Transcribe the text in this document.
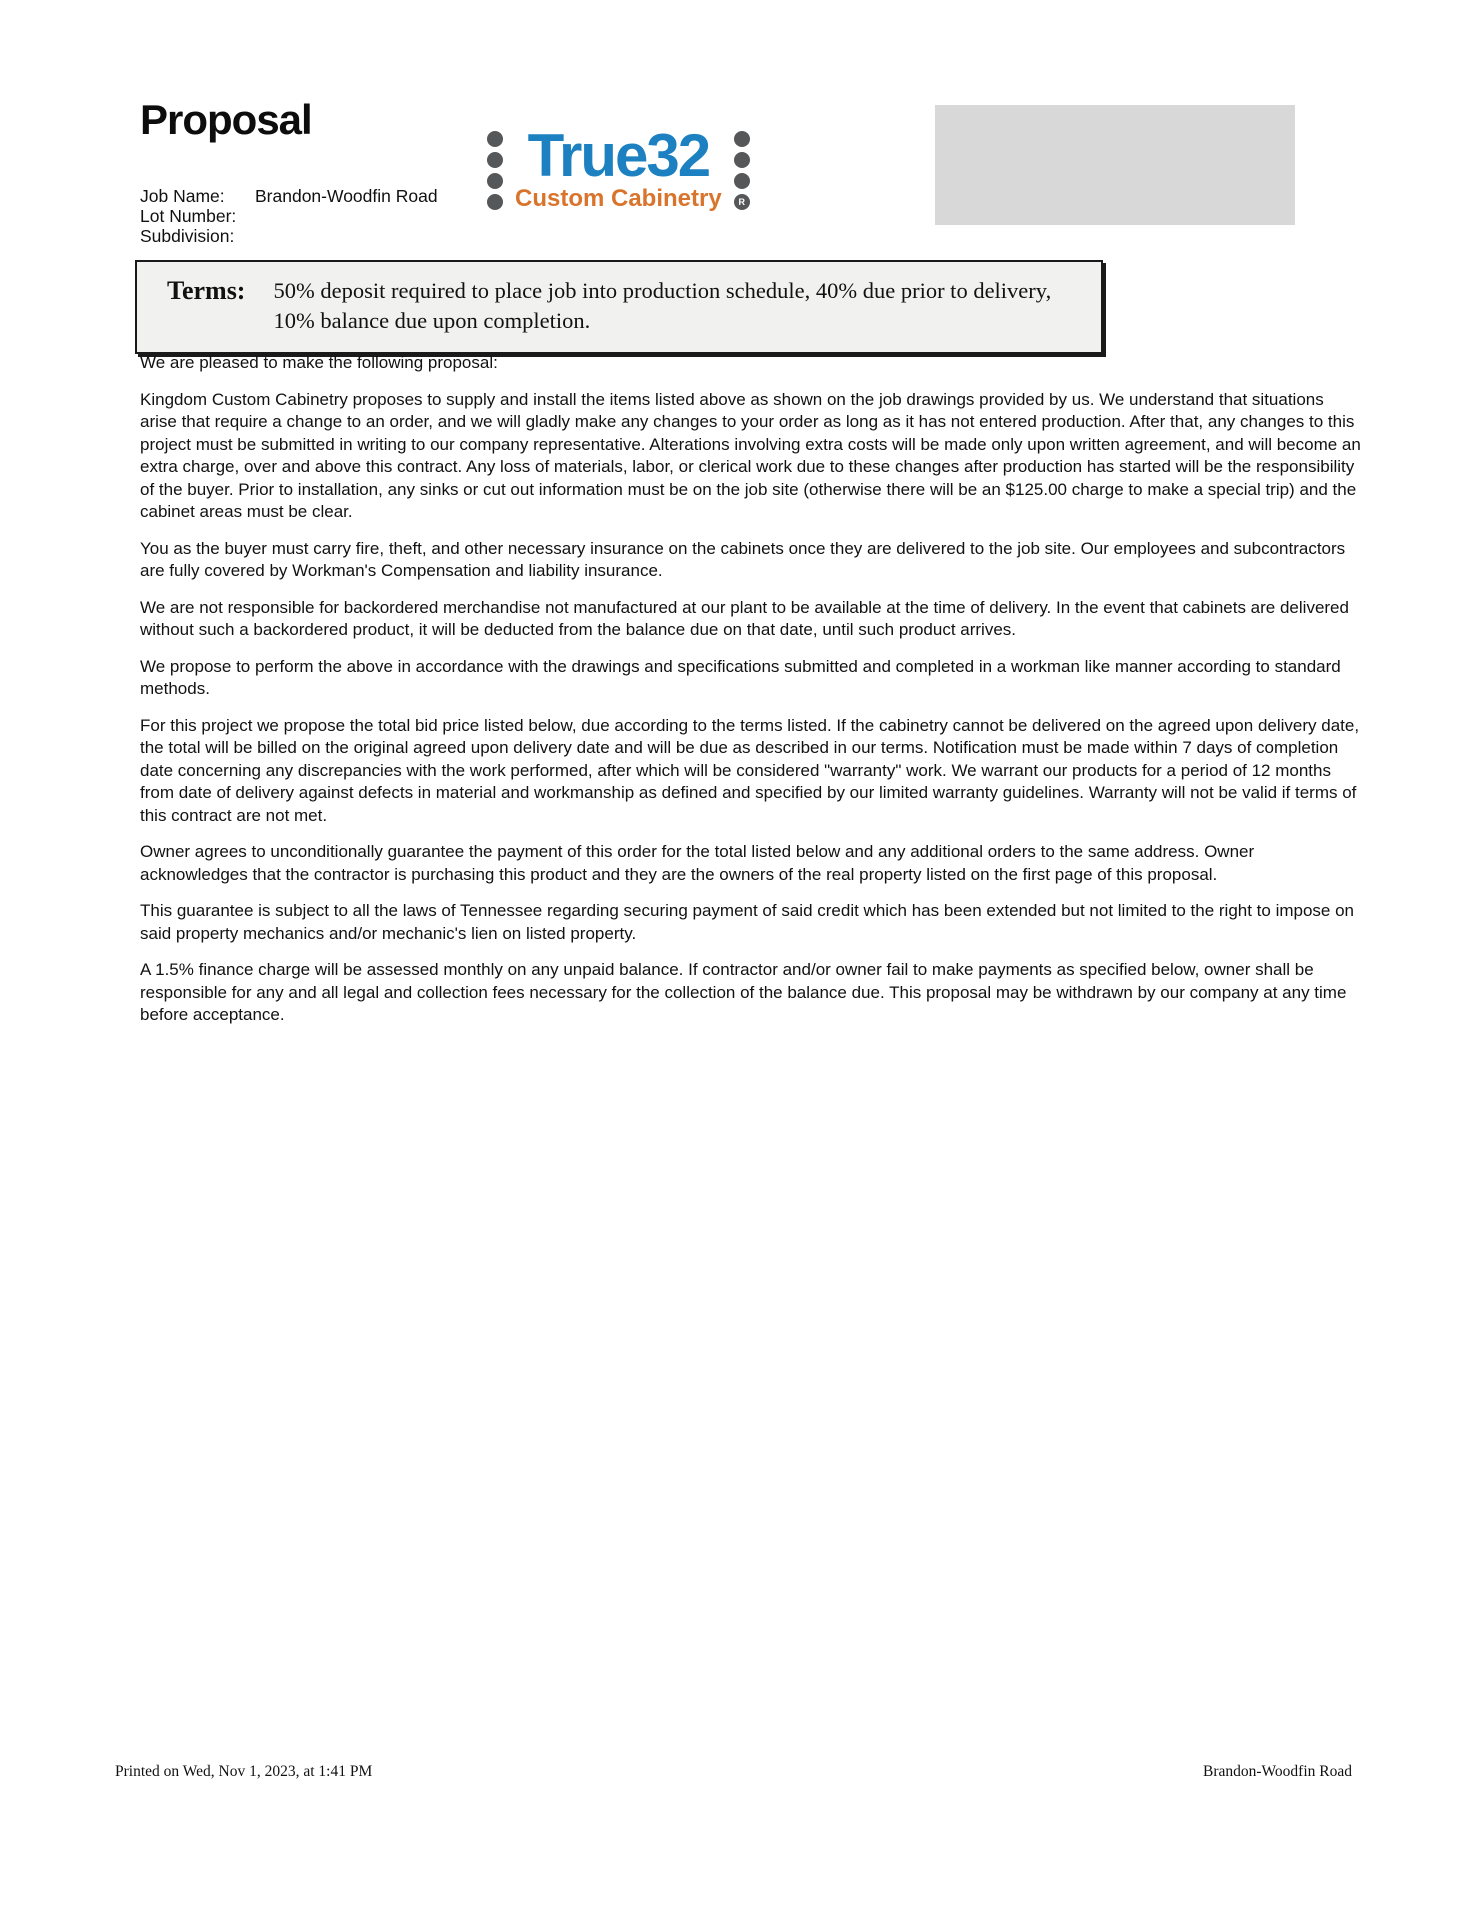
Proposal
True32
Custom Cabinetry	R
Job Name:	Brandon-Woodfin Road
Lot Number:
Subdivision:
Terms: 50% deposit required to place job into production schedule, 40% due prior to delivery, 10% balance due upon completion.

We are pleased to make the following proposal:

Kingdom Custom Cabinetry proposes to supply and install the items listed above as shown on the job drawings provided by us. We understand that situations arise that require a change to an order, and we will gladly make any changes to your order as long as it has not entered production. After that, any changes to this project must be submitted in writing to our company representative. Alterations involving extra costs will be made only upon written agreement, and will become an extra charge, over and above this contract. Any loss of materials, labor, or clerical work due to these changes after production has started will be the responsibility of the buyer. Prior to installation, any sinks or cut out information must be on the job site (otherwise there will be an $125.00 charge to make a special trip) and the cabinet areas must be clear.

You as the buyer must carry fire, theft, and other necessary insurance on the cabinets once they are delivered to the job site. Our employees and subcontractors are fully covered by Workman's Compensation and liability insurance.

We are not responsible for backordered merchandise not manufactured at our plant to be available at the time of delivery. In the event that cabinets are delivered without such a backordered product, it will be deducted from the balance due on that date, until such product arrives.

We propose to perform the above in accordance with the drawings and specifications submitted and completed in a workman like manner according to standard methods.

For this project we propose the total bid price listed below, due according to the terms listed. If the cabinetry cannot be delivered on the agreed upon delivery date, the total will be billed on the original agreed upon delivery date and will be due as described in our terms. Notification must be made within 7 days of completion date concerning any discrepancies with the work performed, after which will be considered "warranty" work. We warrant our products for a period of 12 months from date of delivery against defects in material and workmanship as defined and specified by our limited warranty guidelines. Warranty will not be valid if terms of this contract are not met.

Owner agrees to unconditionally guarantee the payment of this order for the total listed below and any additional orders to the same address. Owner acknowledges that the contractor is purchasing this product and they are the owners of the real property listed on the first page of this proposal.

This guarantee is subject to all the laws of Tennessee regarding securing payment of said credit which has been extended but not limited to the right to impose on said property mechanics and/or mechanic's lien on listed property.

A 1.5% finance charge will be assessed monthly on any unpaid balance. If contractor and/or owner fail to make payments as specified below, owner shall be responsible for any and all legal and collection fees necessary for the collection of the balance due. This proposal may be withdrawn by our company at any time before acceptance.

Printed on Wed, Nov 1, 2023, at 1:41 PM	Brandon-Woodfin Road
